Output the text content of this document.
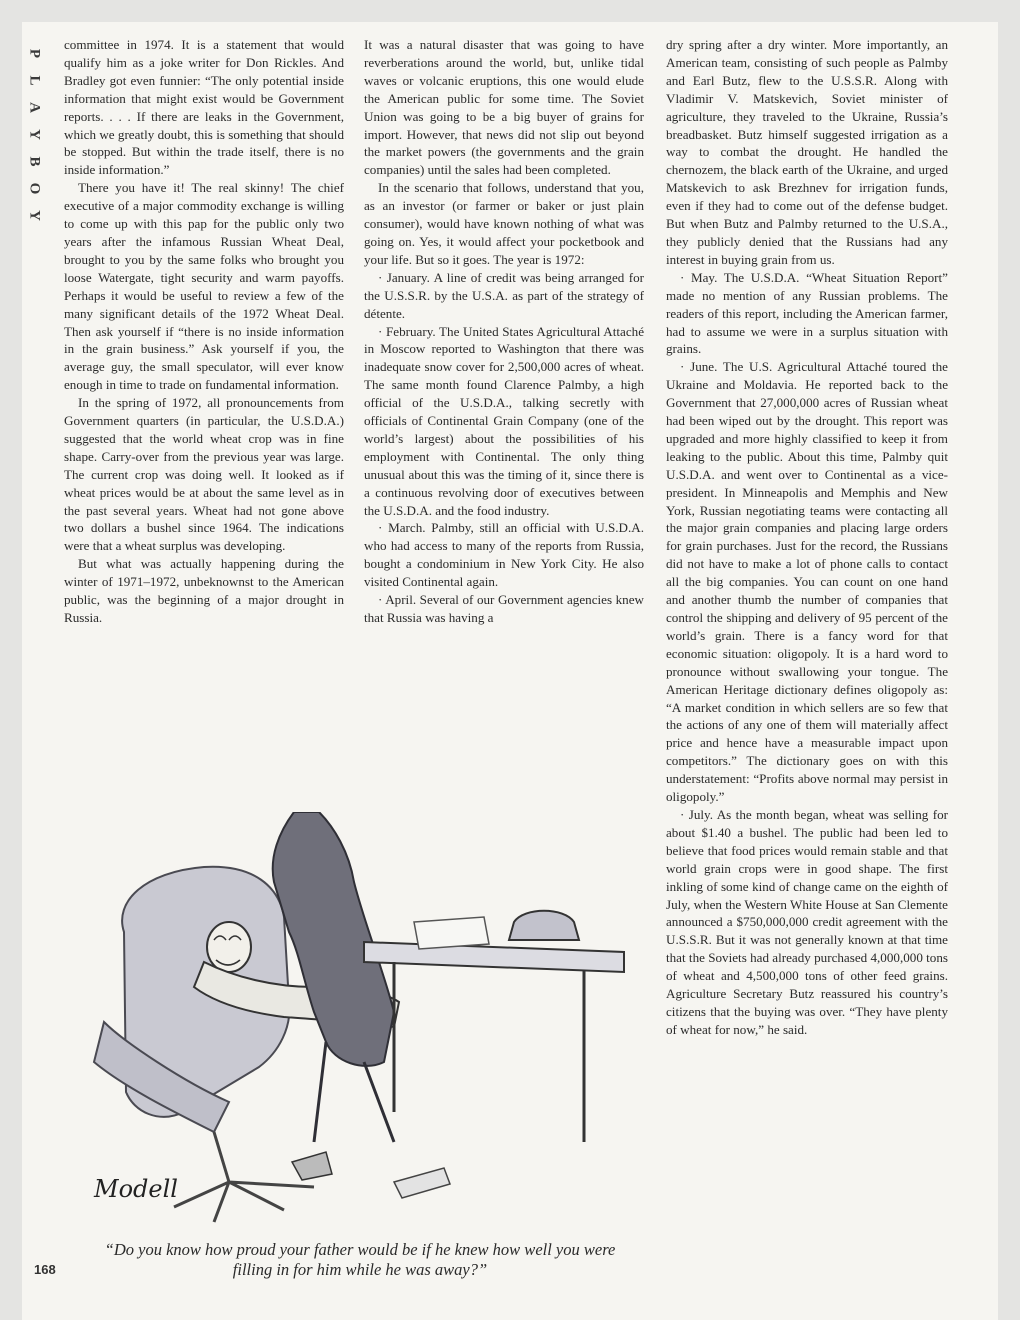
P
L
A
Y
B
O
Y

committee in 1974. It is a statement that would qualify him as a joke writer for Don Rickles. And Bradley got even funnier: “The only potential inside information that might exist would be Government reports. . . . If there are leaks in the Government, which we greatly doubt, this is something that should be stopped. But within the trade itself, there is no inside information.”

There you have it! The real skinny! The chief executive of a major commodity exchange is willing to come up with this pap for the public only two years after the infamous Russian Wheat Deal, brought to you by the same folks who brought you loose Watergate, tight security and warm payoffs. Perhaps it would be useful to review a few of the many significant details of the 1972 Wheat Deal. Then ask yourself if “there is no inside information in the grain business.” Ask yourself if you, the average guy, the small speculator, will ever know enough in time to trade on fundamental information.

In the spring of 1972, all pronouncements from Government quarters (in particular, the U.S.D.A.) suggested that the world wheat crop was in fine shape. Carry-over from the previous year was large. The current crop was doing well. It looked as if wheat prices would be at about the same level as in the past several years. Wheat had not gone above two dollars a bushel since 1964. The indications were that a wheat surplus was developing.

But what was actually happening during the winter of 1971–1972, unbeknownst to the American public, was the beginning of a major drought in Russia.

It was a natural disaster that was going to have reverberations around the world, but, unlike tidal waves or volcanic eruptions, this one would elude the American public for some time. The Soviet Union was going to be a big buyer of grains for import. However, that news did not slip out beyond the market powers (the governments and the grain companies) until the sales had been completed.

In the scenario that follows, understand that you, as an investor (or farmer or baker or just plain consumer), would have known nothing of what was going on. Yes, it would affect your pocketbook and your life. But so it goes. The year is 1972:

· January. A line of credit was being arranged for the U.S.S.R. by the U.S.A. as part of the strategy of détente.

· February. The United States Agricultural Attaché in Moscow reported to Washington that there was inadequate snow cover for 2,500,000 acres of wheat. The same month found Clarence Palmby, a high official of the U.S.D.A., talking secretly with officials of Continental Grain Company (one of the world’s largest) about the possibilities of his employment with Continental. The only thing unusual about this was the timing of it, since there is a continuous revolving door of executives between the U.S.D.A. and the food industry.

· March. Palmby, still an official with U.S.D.A. who had access to many of the reports from Russia, bought a condominium in New York City. He also visited Continental again.

· April. Several of our Government agencies knew that Russia was having a

dry spring after a dry winter. More importantly, an American team, consisting of such people as Palmby and Earl Butz, flew to the U.S.S.R. Along with Vladimir V. Matskevich, Soviet minister of agriculture, they traveled to the Ukraine, Russia’s breadbasket. Butz himself suggested irrigation as a way to combat the drought. He handled the chernozem, the black earth of the Ukraine, and urged Matskevich to ask Brezhnev for irrigation funds, even if they had to come out of the defense budget. But when Butz and Palmby returned to the U.S.A., they publicly denied that the Russians had any interest in buying grain from us.

· May. The U.S.D.A. “Wheat Situation Report” made no mention of any Russian problems. The readers of this report, including the American farmer, had to assume we were in a surplus situation with grains.

· June. The U.S. Agricultural Attaché toured the Ukraine and Moldavia. He reported back to the Government that 27,000,000 acres of Russian wheat had been wiped out by the drought. This report was upgraded and more highly classified to keep it from leaking to the public. About this time, Palmby quit U.S.D.A. and went over to Continental as a vice-president. In Minneapolis and Memphis and New York, Russian negotiating teams were contacting all the major grain companies and placing large orders for grain purchases. Just for the record, the Russians did not have to make a lot of phone calls to contact all the big companies. You can count on one hand and another thumb the number of companies that control the shipping and delivery of 95 percent of the world’s grain. There is a fancy word for that economic situation: oligopoly. It is a hard word to pronounce without swallowing your tongue. The American Heritage dictionary defines oligopoly as: “A market condition in which sellers are so few that the actions of any one of them will materially affect price and hence have a measurable impact upon competitors.” The dictionary goes on with this understatement: “Profits above normal may persist in oligopoly.”

· July. As the month began, wheat was selling for about $1.40 a bushel. The public had been led to believe that food prices would remain stable and that world grain crops were in good shape. The first inkling of some kind of change came on the eighth of July, when the Western White House at San Clemente announced a $750,000,000 credit agreement with the U.S.S.R. But it was not generally known at that time that the Soviets had already purchased 4,000,000 tons of wheat and 4,500,000 tons of other feed grains. Agriculture Secretary Butz reassured his country’s citizens that the buying was over. “They have plenty of wheat for now,” he said.

Modell
“Do you know how proud your father would be if he knew how well you were filling in for him while he was away?”
168
